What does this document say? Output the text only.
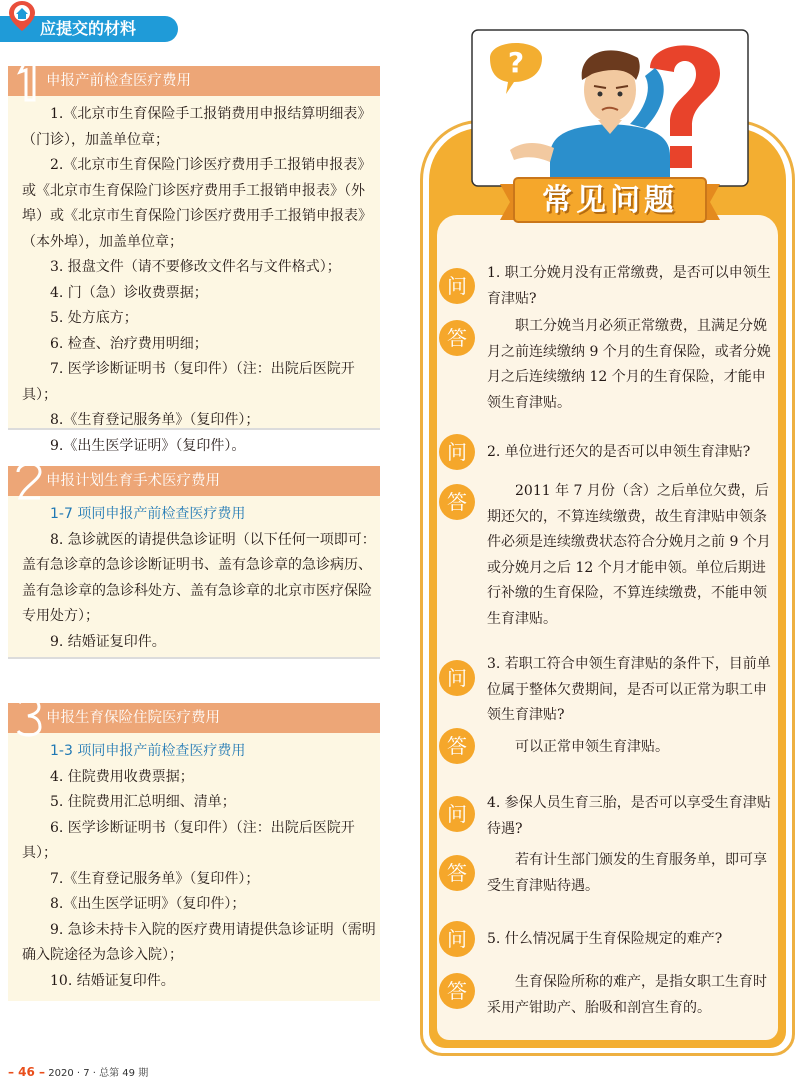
应提交的材料
申报产前检查医疗费用

1.《北京市生育保险手工报销费用申报结算明细表》（门诊），加盖单位章；

2.《北京市生育保险门诊医疗费用手工报销申报表》或《北京市生育保险门诊医疗费用手工报销申报表》（外埠）或《北京市生育保险门诊医疗费用手工报销申报表》（本外埠），加盖单位章；

3. 报盘文件（请不要修改文件名与文件格式）；

4. 门（急）诊收费票据；

5. 处方底方；

6. 检查、治疗费用明细；

7. 医学诊断证明书（复印件）（注：出院后医院开具）；

8.《生育登记服务单》（复印件）；

9.《出生医学证明》（复印件）。

申报计划生育手术医疗费用

1-7 项同申报产前检查医疗费用

8. 急诊就医的请提供急诊证明（以下任何一项即可：盖有急诊章的急诊诊断证明书、盖有急诊章的急诊病历、盖有急诊章的急诊科处方、盖有急诊章的北京市医疗保险专用处方）；

9. 结婚证复印件。

申报生育保险住院医疗费用

1-3 项同申报产前检查医疗费用

4. 住院费用收费票据；

5. 住院费用汇总明细、清单；

6. 医学诊断证明书（复印件）（注：出院后医院开具）；

7.《生育登记服务单》（复印件）；

8.《出生医学证明》（复印件）；

9. 急诊未持卡入院的医疗费用请提供急诊证明（需明确入院途径为急诊入院）；

10. 结婚证复印件。

?
常见问题
问
1. 职工分娩月没有正常缴费，是否可以申领生育津贴?
答	职工分娩当月必须正常缴费，且满足分娩月之前连续缴纳 9 个月的生育保险，或者分娩月之后连续缴纳 12 个月的生育保险，才能申领生育津贴。
问	2. 单位进行还欠的是否可以申领生育津贴?
答	2011 年 7 月份（含）之后单位欠费，后期还欠的，不算连续缴费，故生育津贴申领条件必须是连续缴费状态符合分娩月之前 9 个月或分娩月之后 12 个月才能申领。单位后期进行补缴的生育保险，不算连续缴费，不能申领生育津贴。
问
3. 若职工符合申领生育津贴的条件下，目前单位属于整体欠费期间，是否可以正常为职工申领生育津贴?
答	可以正常申领生育津贴。
问	4. 参保人员生育三胎，是否可以享受生育津贴待遇?
答
若有计生部门颁发的生育服务单，即可享受生育津贴待遇。
问	5. 什么情况属于生育保险规定的难产?
答	生育保险所称的难产，是指女职工生育时采用产钳助产、胎吸和剖宫生育的。
– 46 – 2020 · 7 · 总第 49 期
